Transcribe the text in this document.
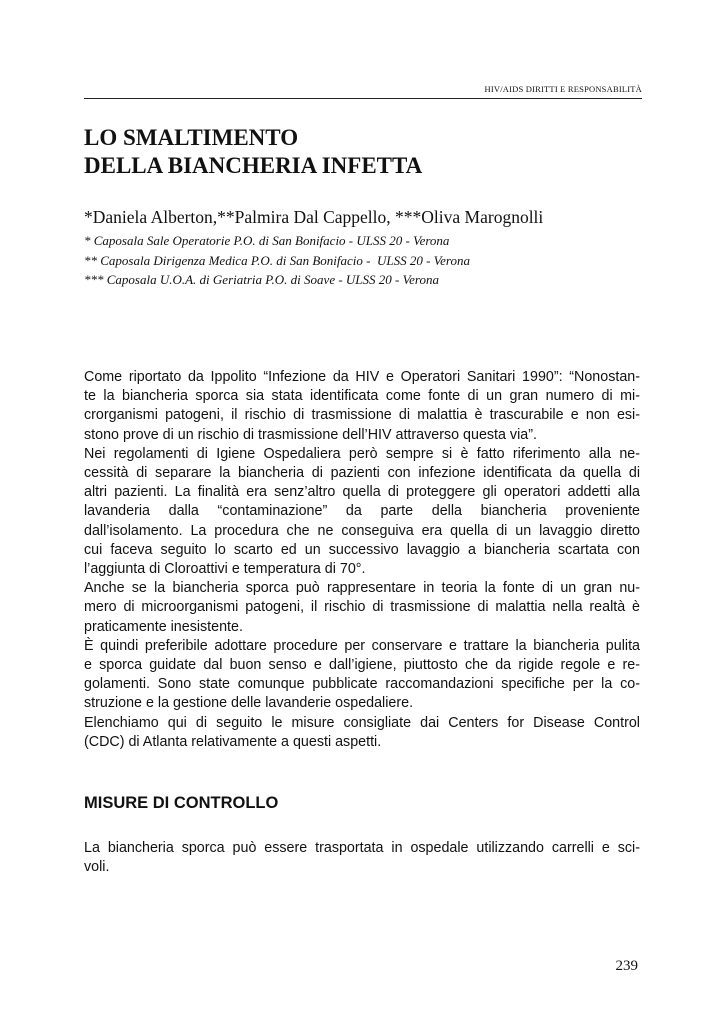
HIV/AIDS DIRITTI E RESPONSABILITÀ
LO SMALTIMENTO
DELLA BIANCHERIA INFETTA
*Daniela Alberton,**Palmira Dal Cappello, ***Oliva Marognolli
* Caposala Sale Operatorie P.O. di San Bonifacio - ULSS 20 - Verona
** Caposala Dirigenza Medica P.O. di San Bonifacio -  ULSS 20 - Verona
*** Caposala U.O.A. di Geriatria P.O. di Soave - ULSS 20 - Verona
Come riportato da Ippolito “Infezione da HIV e Operatori Sanitari 1990”: “Nonostan-
te la biancheria sporca sia stata identificata come fonte di un gran numero di mi-
crorganismi patogeni, il rischio di trasmissione di malattia è trascurabile e non esi-
stono prove di un rischio di trasmissione dell’HIV attraverso questa via”.
Nei regolamenti di Igiene Ospedaliera però sempre si è fatto riferimento alla ne-
cessità di separare la biancheria di pazienti con infezione identificata da quella di
altri pazienti. La finalità era senz’altro quella di proteggere gli operatori addetti alla
lavanderia dalla “contaminazione” da parte della biancheria proveniente
dall’isolamento. La procedura che ne conseguiva era quella di un lavaggio diretto
cui faceva seguito lo scarto ed un successivo lavaggio a biancheria scartata con
l’aggiunta di Cloroattivi e temperatura di 70°.
Anche se la biancheria sporca può rappresentare in teoria la fonte di un gran nu-
mero di microorganismi patogeni, il rischio di trasmissione di malattia nella realtà è
praticamente inesistente.
È quindi preferibile adottare procedure per conservare e trattare la biancheria pulita
e sporca guidate dal buon senso e dall’igiene, piuttosto che da rigide regole e re-
golamenti. Sono state comunque pubblicate raccomandazioni specifiche per la co-
struzione e la gestione delle lavanderie ospedaliere.
Elenchiamo qui di seguito le misure consigliate dai Centers for Disease Control
(CDC) di Atlanta relativamente a questi aspetti.
MISURE DI CONTROLLO
La biancheria sporca può essere trasportata in ospedale utilizzando carrelli e sci-
voli.
239
